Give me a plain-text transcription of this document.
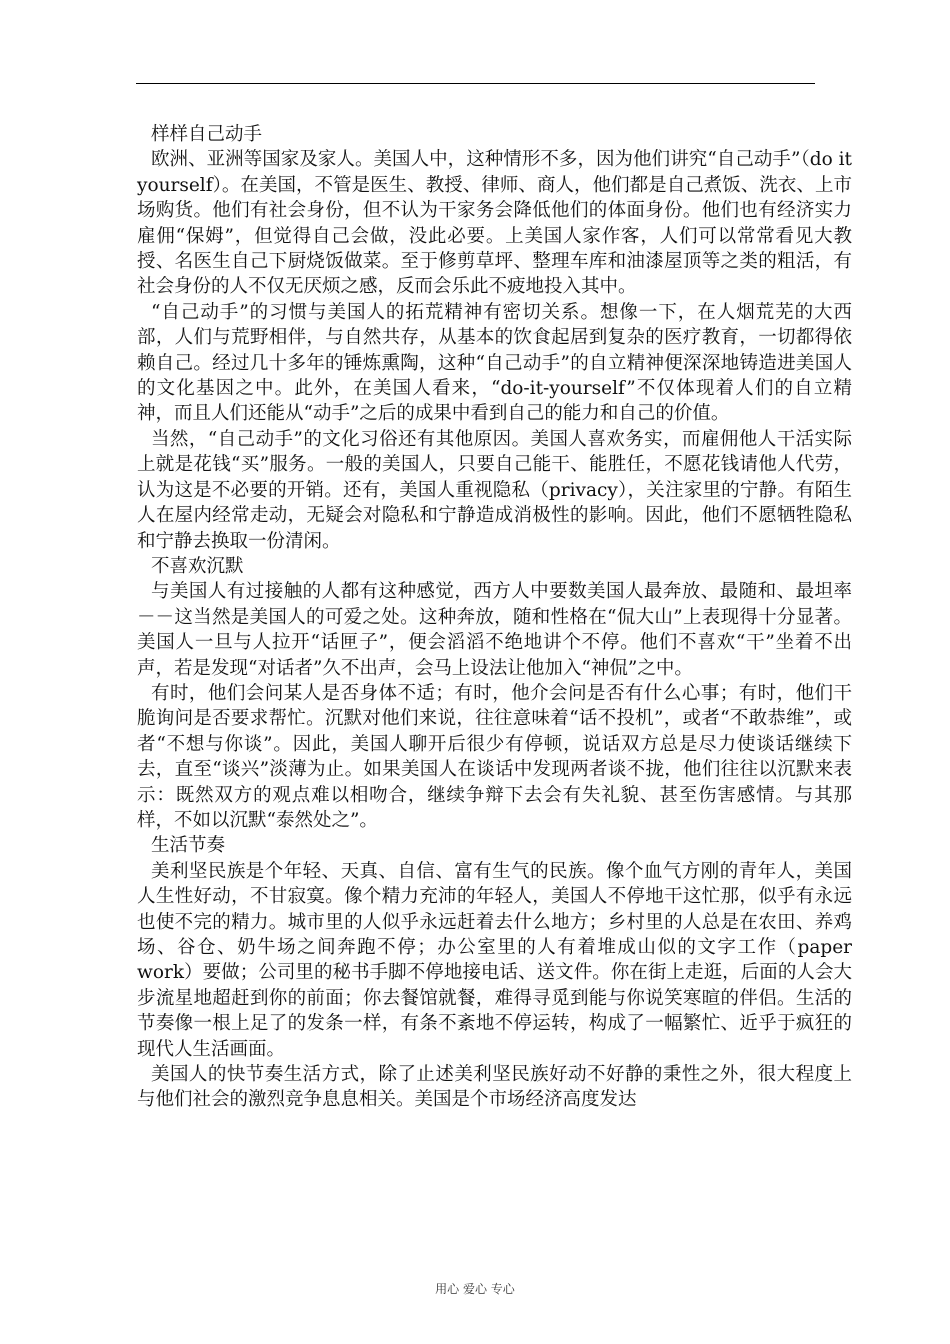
样样自己动手

欧洲、亚洲等国家及家人。美国人中，这种情形不多，因为他们讲究“自己动手”（do it yourself）。在美国，不管是医生、教授、律师、商人，他们都是自己煮饭、洗衣、上市场购货。他们有社会身份，但不认为干家务会降低他们的体面身份。他们也有经济实力雇佣“保姆”，但觉得自己会做，没此必要。上美国人家作客，人们可以常常看见大教授、名医生自己下厨烧饭做菜。至于修剪草坪、整理车库和油漆屋顶等之类的粗活，有社会身份的人不仅无厌烦之感，反而会乐此不疲地投入其中。

“自己动手”的习惯与美国人的拓荒精神有密切关系。想像一下，在人烟荒芜的大西部，人们与荒野相伴，与自然共存，从基本的饮食起居到复杂的医疗教育，一切都得依赖自己。经过几十多年的锤炼熏陶，这种“自己动手”的自立精神便深深地铸造进美国人的文化基因之中。此外，在美国人看来，“do-it-yourself”不仅体现着人们的自立精神，而且人们还能从“动手”之后的成果中看到自己的能力和自己的价值。

当然，“自己动手”的文化习俗还有其他原因。美国人喜欢务实，而雇佣他人干活实际上就是花钱“买”服务。一般的美国人，只要自己能干、能胜任，不愿花钱请他人代劳，认为这是不必要的开销。还有，美国人重视隐私（privacy），关注家里的宁静。有陌生人在屋内经常走动，无疑会对隐私和宁静造成消极性的影响。因此，他们不愿牺牲隐私和宁静去换取一份清闲。

不喜欢沉默

与美国人有过接触的人都有这种感觉，西方人中要数美国人最奔放、最随和、最坦率－－这当然是美国人的可爱之处。这种奔放，随和性格在“侃大山”上表现得十分显著。美国人一旦与人拉开“话匣子”，便会滔滔不绝地讲个不停。他们不喜欢“干”坐着不出声，若是发现“对话者”久不出声，会马上设法让他加入“神侃”之中。

有时，他们会问某人是否身体不适；有时，他介会问是否有什么心事；有时，他们干脆询问是否要求帮忙。沉默对他们来说，往往意味着“话不投机”，或者“不敢恭维”，或者“不想与你谈”。因此，美国人聊开后很少有停顿，说话双方总是尽力使谈话继续下去，直至“谈兴”淡薄为止。如果美国人在谈话中发现两者谈不拢，他们往往以沉默来表示：既然双方的观点难以相吻合，继续争辩下去会有失礼貌、甚至伤害感情。与其那样，不如以沉默“泰然处之”。

生活节奏

美利坚民族是个年轻、天真、自信、富有生气的民族。像个血气方刚的青年人，美国人生性好动，不甘寂寞。像个精力充沛的年轻人，美国人不停地干这忙那，似乎有永远也使不完的精力。城市里的人似乎永远赶着去什么地方；乡村里的人总是在农田、养鸡场、谷仓、奶牛场之间奔跑不停；办公室里的人有着堆成山似的文字工作（paper work）要做；公司里的秘书手脚不停地接电话、送文件。你在街上走逛，后面的人会大步流星地超赶到你的前面；你去餐馆就餐，难得寻觅到能与你说笑寒暄的伴侣。生活的节奏像一根上足了的发条一样，有条不紊地不停运转，构成了一幅繁忙、近乎于疯狂的现代人生活画面。

美国人的快节奏生活方式，除了止述美利坚民族好动不好静的秉性之外，很大程度上与他们社会的激烈竞争息息相关。美国是个市场经济高度发达

用心 爱心 专心
